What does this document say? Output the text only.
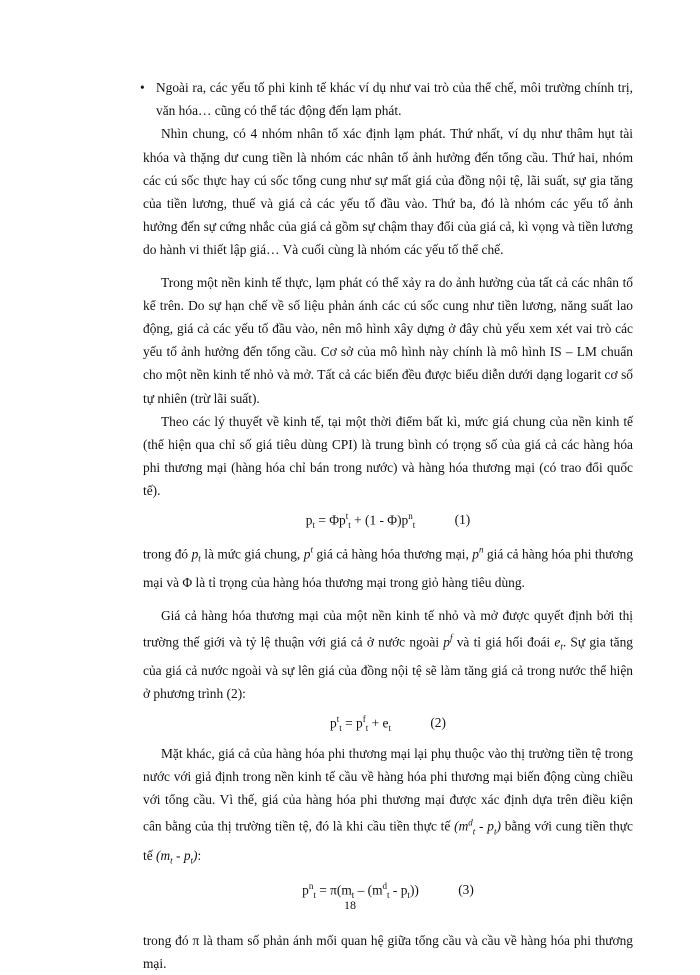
• Ngoài ra, các yếu tố phi kinh tế khác ví dụ như vai trò của thể chế, môi trường chính trị, văn hóa… cũng có thể tác động đến lạm phát.

Nhìn chung, có 4 nhóm nhân tố xác định lạm phát. Thứ nhất, ví dụ như thâm hụt tài khóa và thặng dư cung tiền là nhóm các nhân tố ảnh hưởng đến tổng cầu. Thứ hai, nhóm các cú sốc thực hay cú sốc tổng cung như sự mất giá của đồng nội tệ, lãi suất, sự gia tăng của tiền lương, thuế và giá cả các yếu tố đầu vào. Thứ ba, đó là nhóm các yếu tố ảnh hưởng đến sự cứng nhắc của giá cả gồm sự chậm thay đổi của giá cả, kì vọng và tiền lương do hành vi thiết lập giá… Và cuối cùng là nhóm các yếu tố thể chế.

Trong một nền kinh tế thực, lạm phát có thể xảy ra do ảnh hưởng của tất cả các nhân tố kể trên. Do sự hạn chế về số liệu phản ánh các cú sốc cung như tiền lương, năng suất lao động, giá cả các yếu tố đầu vào, nên mô hình xây dựng ở đây chủ yếu xem xét vai trò các yếu tố ảnh hưởng đến tổng cầu. Cơ sở của mô hình này chính là mô hình IS – LM chuẩn cho một nền kinh tế nhỏ và mở. Tất cả các biến đều được biểu diễn dưới dạng logarit cơ số tự nhiên (trừ lãi suất).

Theo các lý thuyết về kinh tế, tại một thời điểm bất kì, mức giá chung của nền kinh tế (thể hiện qua chỉ số giá tiêu dùng CPI) là trung bình có trọng số của giá cả các hàng hóa phi thương mại (hàng hóa chỉ bán trong nước) và hàng hóa thương mại (có trao đổi quốc tế).

$p_t = \Phi p^t_t + (1 - \Phi)p^n_t$	(1)

trong đó $p_t$ là mức giá chung, $p^t$ giá cả hàng hóa thương mại, $p^n$ giá cả hàng hóa phi thương mại và Φ là tỉ trọng của hàng hóa thương mại trong giỏ hàng tiêu dùng.

Giá cả hàng hóa thương mại của một nền kinh tế nhỏ và mở được quyết định bởi thị trường thế giới và tỷ lệ thuận với giá cả ở nước ngoài $p^f$ và tỉ giá hối đoái $e_t$. Sự gia tăng của giá cả nước ngoài và sự lên giá của đồng nội tệ sẽ làm tăng giá cả trong nước thể hiện ở phương trình (2):

$p^t_t = p^f_t + e_t$	(2)

Mặt khác, giá cả của hàng hóa phi thương mại lại phụ thuộc vào thị trường tiền tệ trong nước với giả định trong nền kinh tế cầu về hàng hóa phi thương mại biến động cùng chiều với tổng cầu. Vì thế, giá của hàng hóa phi thương mại được xác định dựa trên điều kiện cân bằng của thị trường tiền tệ, đó là khi cầu tiền thực tế $(m^d_t - p_t)$ bằng với cung tiền thực tế $(m_t - p_t)$:

$p^n_t = \pi(m_t - (m^d_t - p_t))$	(3)

trong đó π là tham số phản ánh mối quan hệ giữa tổng cầu và cầu về hàng hóa phi thương mại.

18
